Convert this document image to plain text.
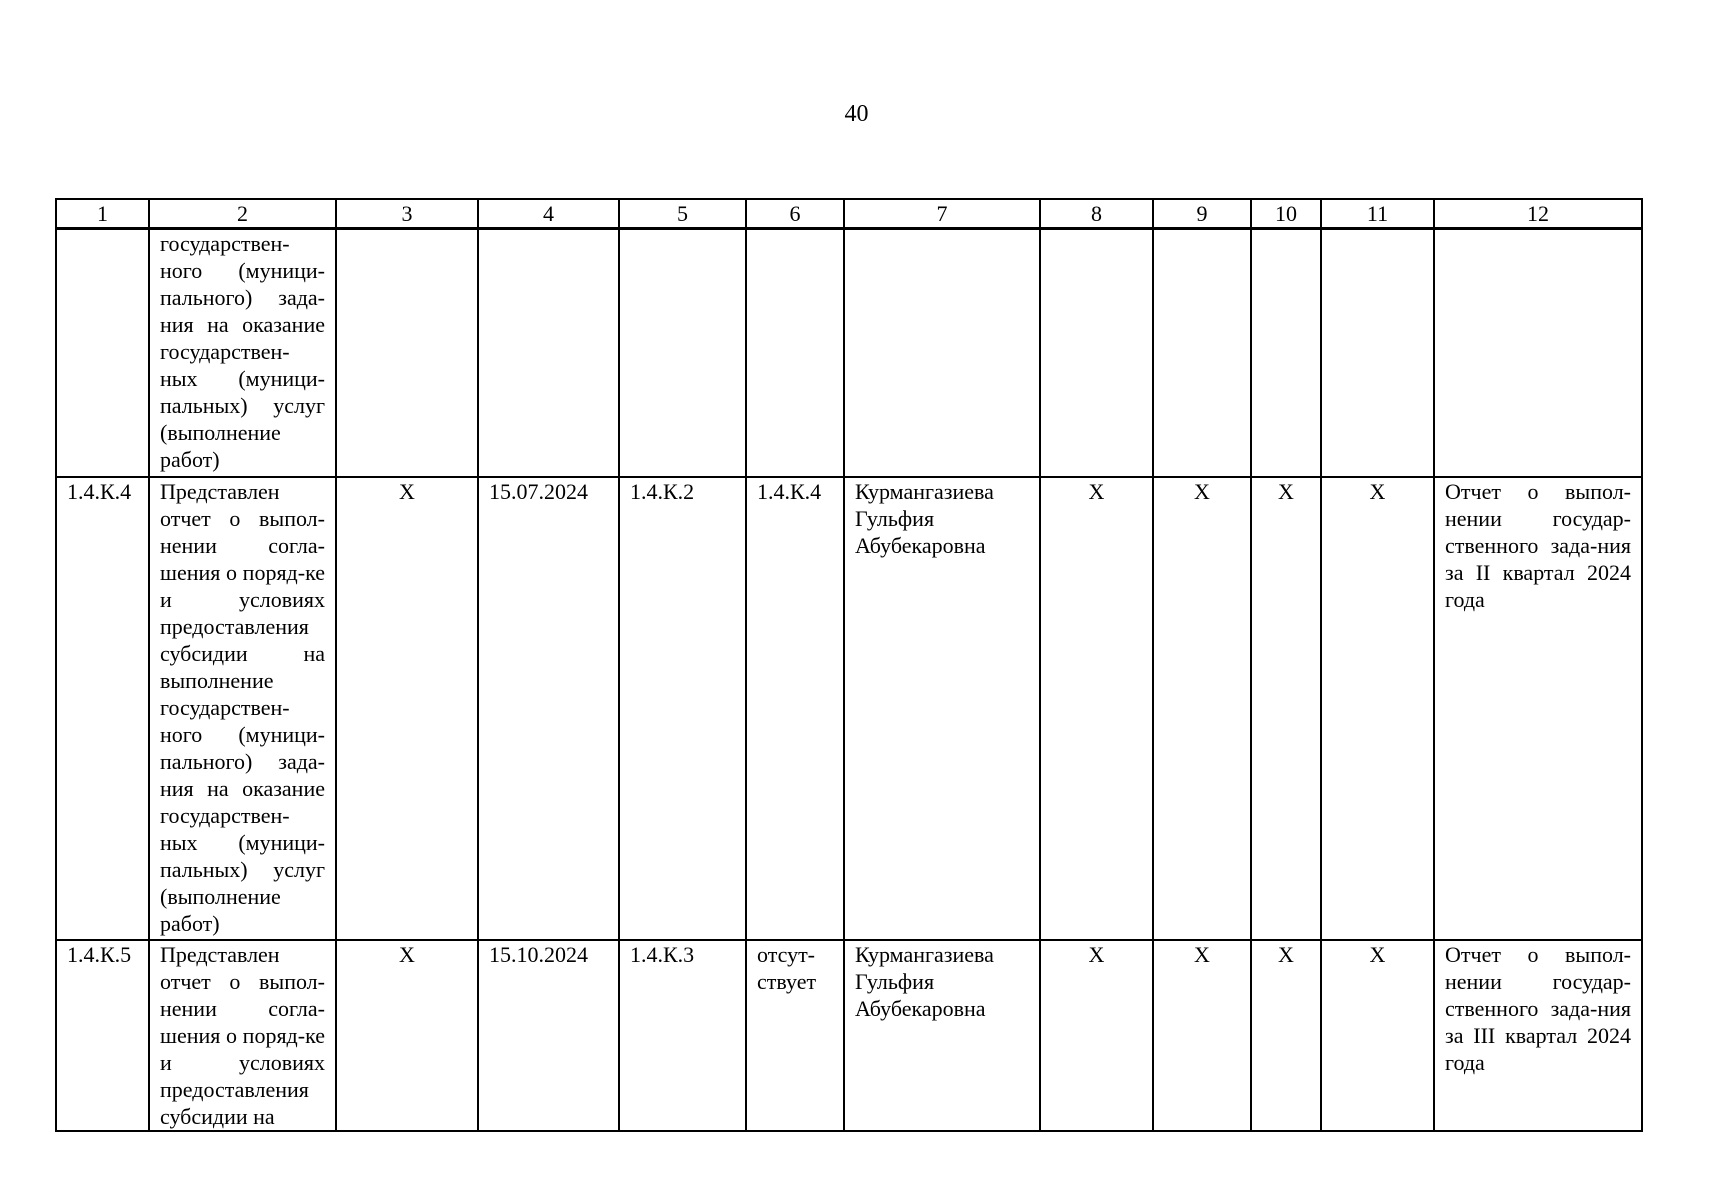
40
1	2	3	4	5	6	7	8	9	10	11	12
	государствен-ного (муници-пального) зада-ния на оказание государствен-ных (муници-пальных) услуг (выполнение работ)										
1.4.К.4	Представлен отчет о выпол-нении согла-шения о поряд-ке и условиях предоставления субсидии на выполнение государствен-ного (муници-пального) зада-ния на оказание государствен-ных (муници-пальных) услуг (выполнение работ)	X	15.07.2024	1.4.К.2	1.4.К.4	Курмангазиева Гульфия Абубекаровна	X	X	X	X	Отчет о выпол-нении государ-ственного зада-ния за II квартал 2024 года
1.4.К.5	Представлен отчет о выпол-нении согла-шения о поряд-ке и условиях предоставления субсидии на	X	15.10.2024	1.4.К.3	отсут-ствует	Курмангазиева Гульфия Абубекаровна	X	X	X	X	Отчет о выпол-нении государ-ственного зада-ния за III квартал 2024 года
